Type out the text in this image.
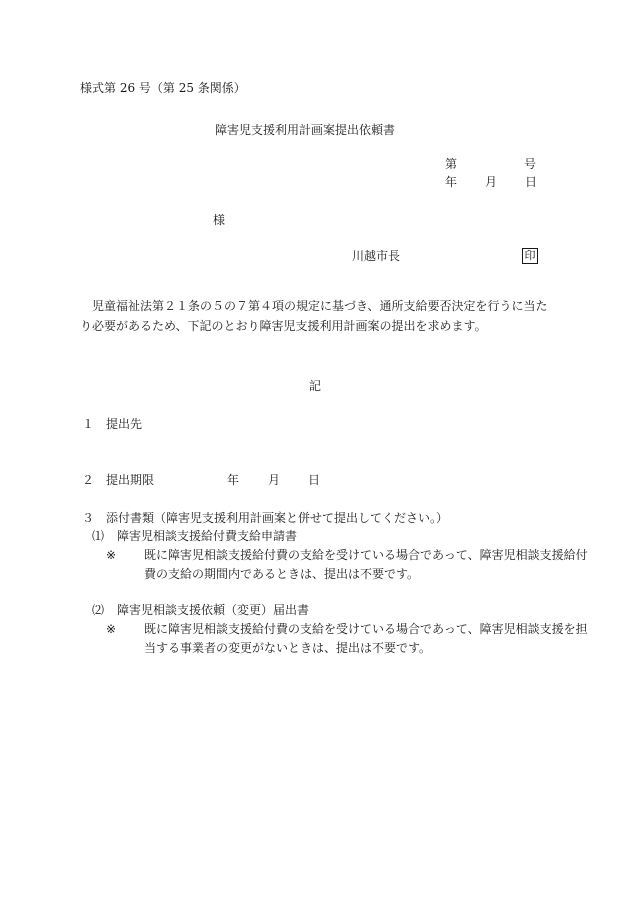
様式第 26 号（第 25 条関係）
障害児支援利用計画案提出依頼書
第	号
年 月 日
様
川越市長	印
児童福祉法第２１条の５の７第４項の規定に基づき、通所支給要否決定を行うに当たり必要があるため、下記のとおり障害児支援利用計画案の提出を求めます。
記
１ 提出先
２ 提出期限	年 月 日
３ 添付書類（障害児支援利用計画案と併せて提出してください。）
⑴ 障害児相談支援給付費支給申請書
※ 既に障害児相談支援給付費の支給を受けている場合であって、障害児相談支援給付費の支給の期間内であるときは、提出は不要です。
⑵ 障害児相談支援依頼（変更）届出書
※ 既に障害児相談支援給付費の支給を受けている場合であって、障害児相談支援を担当する事業者の変更がないときは、提出は不要です。
